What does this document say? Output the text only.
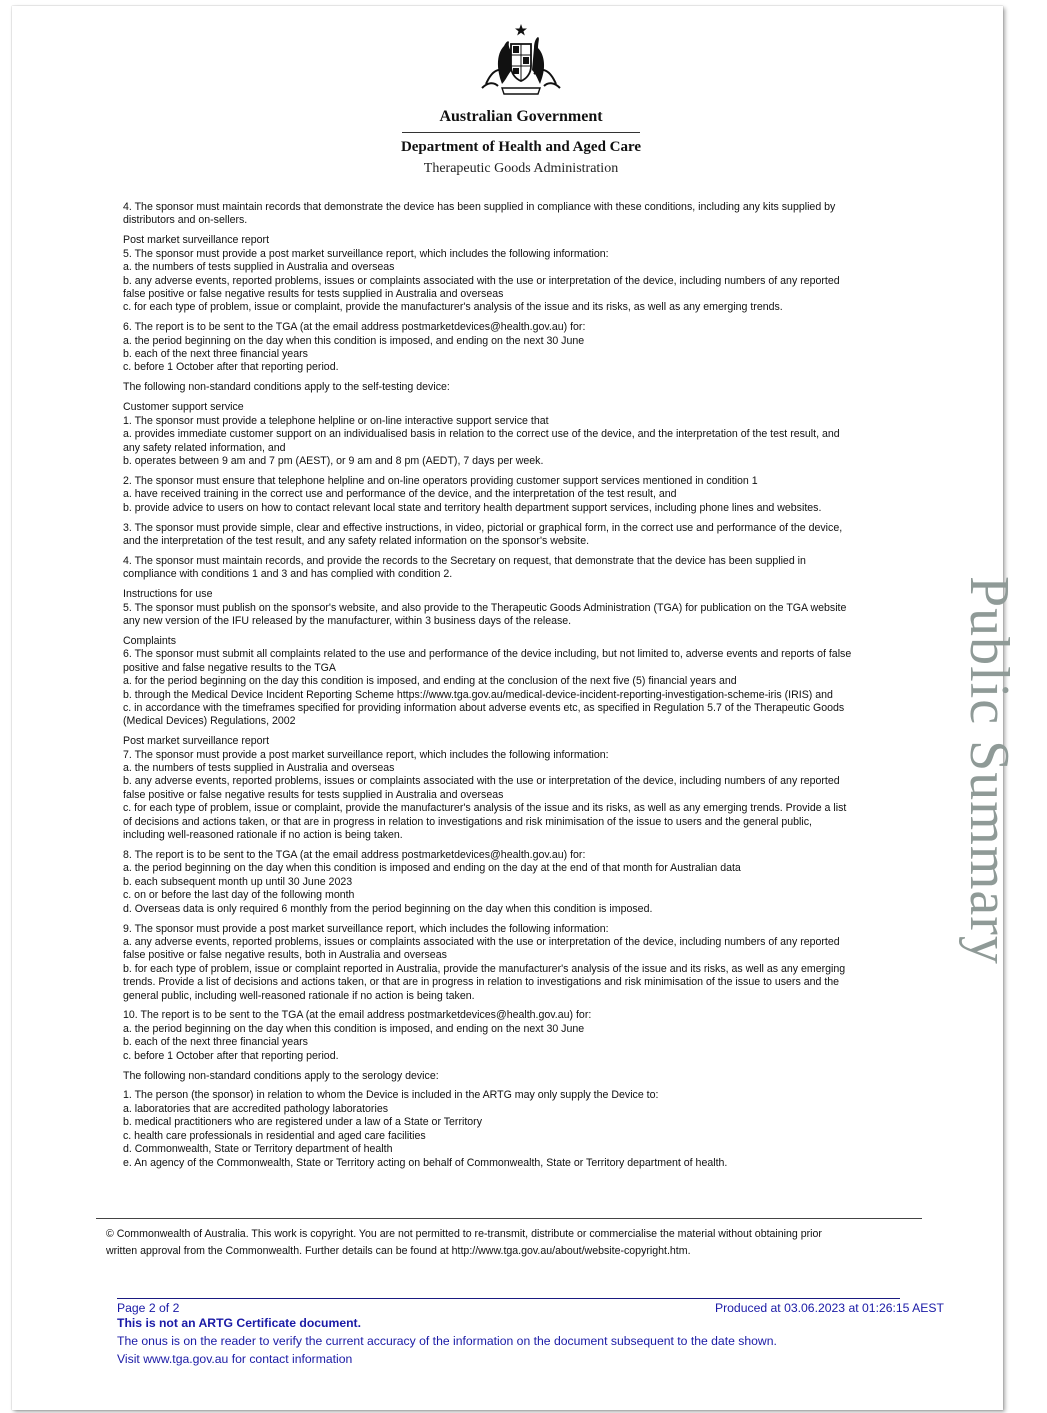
Australian Government
Department of Health and Aged Care
Therapeutic Goods Administration

4. The sponsor must maintain records that demonstrate the device has been supplied in compliance with these conditions, including any kits supplied by
distributors and on-sellers.

Post market surveillance report
5. The sponsor must provide a post market surveillance report, which includes the following information:
a. the numbers of tests supplied in Australia and overseas
b. any adverse events, reported problems, issues or complaints associated with the use or interpretation of the device, including numbers of any reported
false positive or false negative results for tests supplied in Australia and overseas
c. for each type of problem, issue or complaint, provide the manufacturer's analysis of the issue and its risks, as well as any emerging trends.

6. The report is to be sent to the TGA (at the email address postmarketdevices@health.gov.au) for:
a. the period beginning on the day when this condition is imposed, and ending on the next 30 June
b. each of the next three financial years
c. before 1 October after that reporting period.

The following non-standard conditions apply to the self-testing device:

Customer support service
1. The sponsor must provide a telephone helpline or on-line interactive support service that
a. provides immediate customer support on an individualised basis in relation to the correct use of the device, and the interpretation of the test result, and
any safety related information, and
b. operates between 9 am and 7 pm (AEST), or 9 am and 8 pm (AEDT), 7 days per week.

2. The sponsor must ensure that telephone helpline and on-line operators providing customer support services mentioned in condition 1
a. have received training in the correct use and performance of the device, and the interpretation of the test result, and
b. provide advice to users on how to contact relevant local state and territory health department support services, including phone lines and websites.

3. The sponsor must provide simple, clear and effective instructions, in video, pictorial or graphical form, in the correct use and performance of the device,
and the interpretation of the test result, and any safety related information on the sponsor's website.

4. The sponsor must maintain records, and provide the records to the Secretary on request, that demonstrate that the device has been supplied in
compliance with conditions 1 and 3 and has complied with condition 2.

Instructions for use
5. The sponsor must publish on the sponsor's website, and also provide to the Therapeutic Goods Administration (TGA) for publication on the TGA website
any new version of the IFU released by the manufacturer, within 3 business days of the release.

Complaints
6. The sponsor must submit all complaints related to the use and performance of the device including, but not limited to, adverse events and reports of false
positive and false negative results to the TGA
a. for the period beginning on the day this condition is imposed, and ending at the conclusion of the next five (5) financial years and
b. through the Medical Device Incident Reporting Scheme https://www.tga.gov.au/medical-device-incident-reporting-investigation-scheme-iris (IRIS) and
c. in accordance with the timeframes specified for providing information about adverse events etc, as specified in Regulation 5.7 of the Therapeutic Goods
(Medical Devices) Regulations, 2002

Post market surveillance report
7. The sponsor must provide a post market surveillance report, which includes the following information:
a. the numbers of tests supplied in Australia and overseas
b. any adverse events, reported problems, issues or complaints associated with the use or interpretation of the device, including numbers of any reported
false positive or false negative results for tests supplied in Australia and overseas
c. for each type of problem, issue or complaint, provide the manufacturer's analysis of the issue and its risks, as well as any emerging trends. Provide a list
of decisions and actions taken, or that are in progress in relation to investigations and risk minimisation of the issue to users and the general public,
including well-reasoned rationale if no action is being taken.

8. The report is to be sent to the TGA (at the email address postmarketdevices@health.gov.au) for:
a. the period beginning on the day when this condition is imposed and ending on the day at the end of that month for Australian data
b. each subsequent month up until 30 June 2023
c. on or before the last day of the following month
d. Overseas data is only required 6 monthly from the period beginning on the day when this condition is imposed.

9. The sponsor must provide a post market surveillance report, which includes the following information:
a. any adverse events, reported problems, issues or complaints associated with the use or interpretation of the device, including numbers of any reported
false positive or false negative results, both in Australia and overseas
b. for each type of problem, issue or complaint reported in Australia, provide the manufacturer's analysis of the issue and its risks, as well as any emerging
trends. Provide a list of decisions and actions taken, or that are in progress in relation to investigations and risk minimisation of the issue to users and the
general public, including well-reasoned rationale if no action is being taken.

10. The report is to be sent to the TGA (at the email address postmarketdevices@health.gov.au) for:
a. the period beginning on the day when this condition is imposed, and ending on the next 30 June
b. each of the next three financial years
c. before 1 October after that reporting period.

The following non-standard conditions apply to the serology device:

1. The person (the sponsor) in relation to whom the Device is included in the ARTG may only supply the Device to:
a. laboratories that are accredited pathology laboratories
b. medical practitioners who are registered under a law of a State or Territory
c. health care professionals in residential and aged care facilities
d. Commonwealth, State or Territory department of health
e. An agency of the Commonwealth, State or Territory acting on behalf of Commonwealth, State or Territory department of health.

Public Summary
© Commonwealth of Australia. This work is copyright. You are not permitted to re-transmit, distribute or commercialise the material without obtaining prior
written approval from the Commonwealth. Further details can be found at http://www.tga.gov.au/about/website-copyright.htm.
Page 2 of 2	Produced at 03.06.2023 at 01:26:15 AEST
This is not an ARTG Certificate document.
The onus is on the reader to verify the current accuracy of the information on the document subsequent to the date shown.
Visit www.tga.gov.au for contact information
